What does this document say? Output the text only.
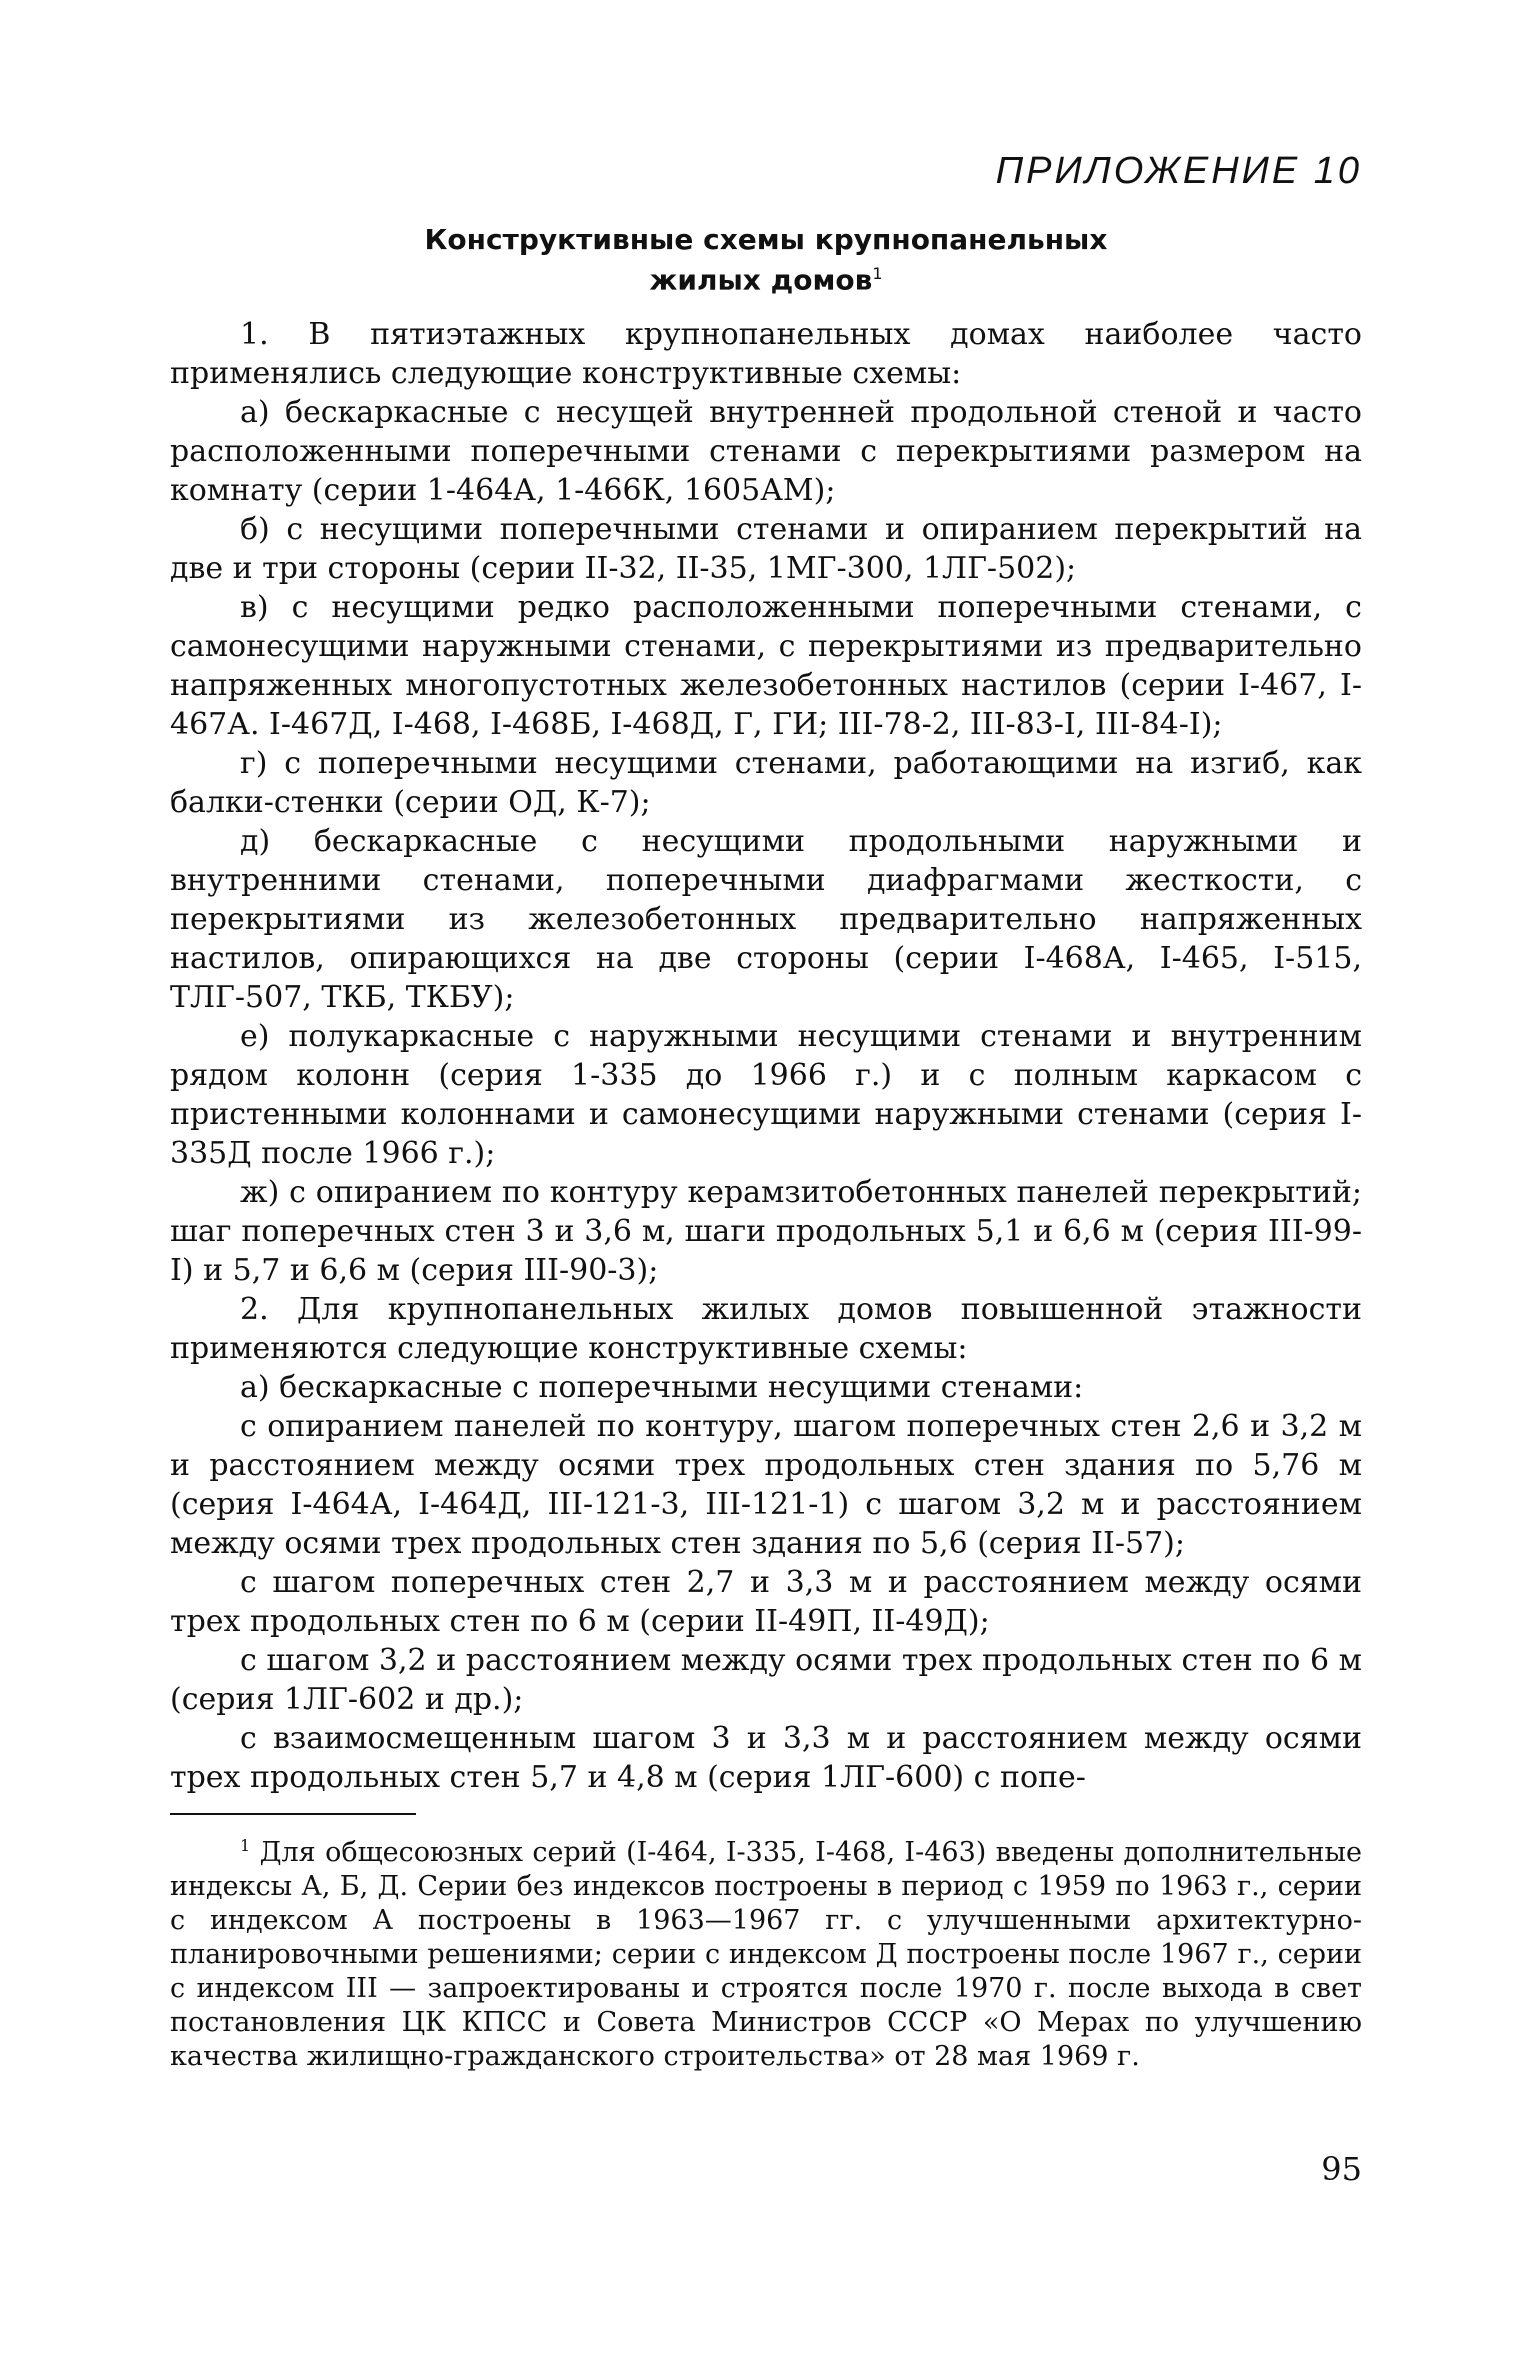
ПРИЛОЖЕНИЕ 10
Конструктивные схемы крупнопанельных
жилых домов$^1$

1. В пятиэтажных крупнопанельных домах наиболее часто применялись следующие конструктивные схемы:

а) бескаркасные с несущей внутренней продольной стеной и часто расположенными поперечными стенами с перекрытиями размером на комнату (серии 1-464А, 1-466К, 1605АМ);

б) с несущими поперечными стенами и опиранием перекрытий на две и три стороны (серии II-32, II-35, 1МГ-300, 1ЛГ-502);

в) с несущими редко расположенными поперечными стенами, с самонесущими наружными стенами, с перекрытиями из предварительно напряженных многопустотных железобетонных настилов (серии I-467, I-467А. I-467Д, I-468, I-468Б, I-468Д, Г, ГИ; III-78-2, III-83-I, III-84-I);

г) с поперечными несущими стенами, работающими на изгиб, как балки-стенки (серии ОД, К-7);

д) бескаркасные с несущими продольными наружными и внутренними стенами, поперечными диафрагмами жесткости, с перекрытиями из железобетонных предварительно напряженных настилов, опирающихся на две стороны (серии I-468А, I-465, I-515, ТЛГ-507, ТКБ, ТКБУ);

е) полукаркасные с наружными несущими стенами и внутренним рядом колонн (серия 1-335 до 1966 г.) и с полным каркасом с пристенными колоннами и самонесущими наружными стенами (серия I-335Д после 1966 г.);

ж) с опиранием по контуру керамзитобетонных панелей перекрытий; шаг поперечных стен 3 и 3,6 м, шаги продольных 5,1 и 6,6 м (серия III-99-I) и 5,7 и 6,6 м (серия III-90-3);

2. Для крупнопанельных жилых домов повышенной этажности применяются следующие конструктивные схемы:

а) бескаркасные с поперечными несущими стенами:

с опиранием панелей по контуру, шагом поперечных стен 2,6 и 3,2 м и расстоянием между осями трех продольных стен здания по 5,76 м (серия I-464А, I-464Д, III-121-3, III-121-1) с шагом 3,2 м и расстоянием между осями трех продольных стен здания по 5,6 (серия II-57);

с шагом поперечных стен 2,7 и 3,3 м и расстоянием между осями трех продольных стен по 6 м (серии II-49П, II-49Д);

с шагом 3,2 и расстоянием между осями трех продольных стен по 6 м (серия 1ЛГ-602 и др.);

с взаимосмещенным шагом 3 и 3,3 м и расстоянием между осями трех продольных стен 5,7 и 4,8 м (серия 1ЛГ-600) с попе-

$^1$ Для общесоюзных серий (I-464, I-335, I-468, I-463) введены дополнительные индексы А, Б, Д. Серии без индексов построены в период с 1959 по 1963 г., серии с индексом А построены в 1963—1967 гг. с улучшенными архитектурно-планировочными решениями; серии с индексом Д построены после 1967 г., серии с индексом III — запроектированы и строятся после 1970 г. после выхода в свет постановления ЦК КПСС и Совета Министров СССР «О Мерах по улучшению качества жилищно-гражданского строительства» от 28 мая 1969 г.

95
